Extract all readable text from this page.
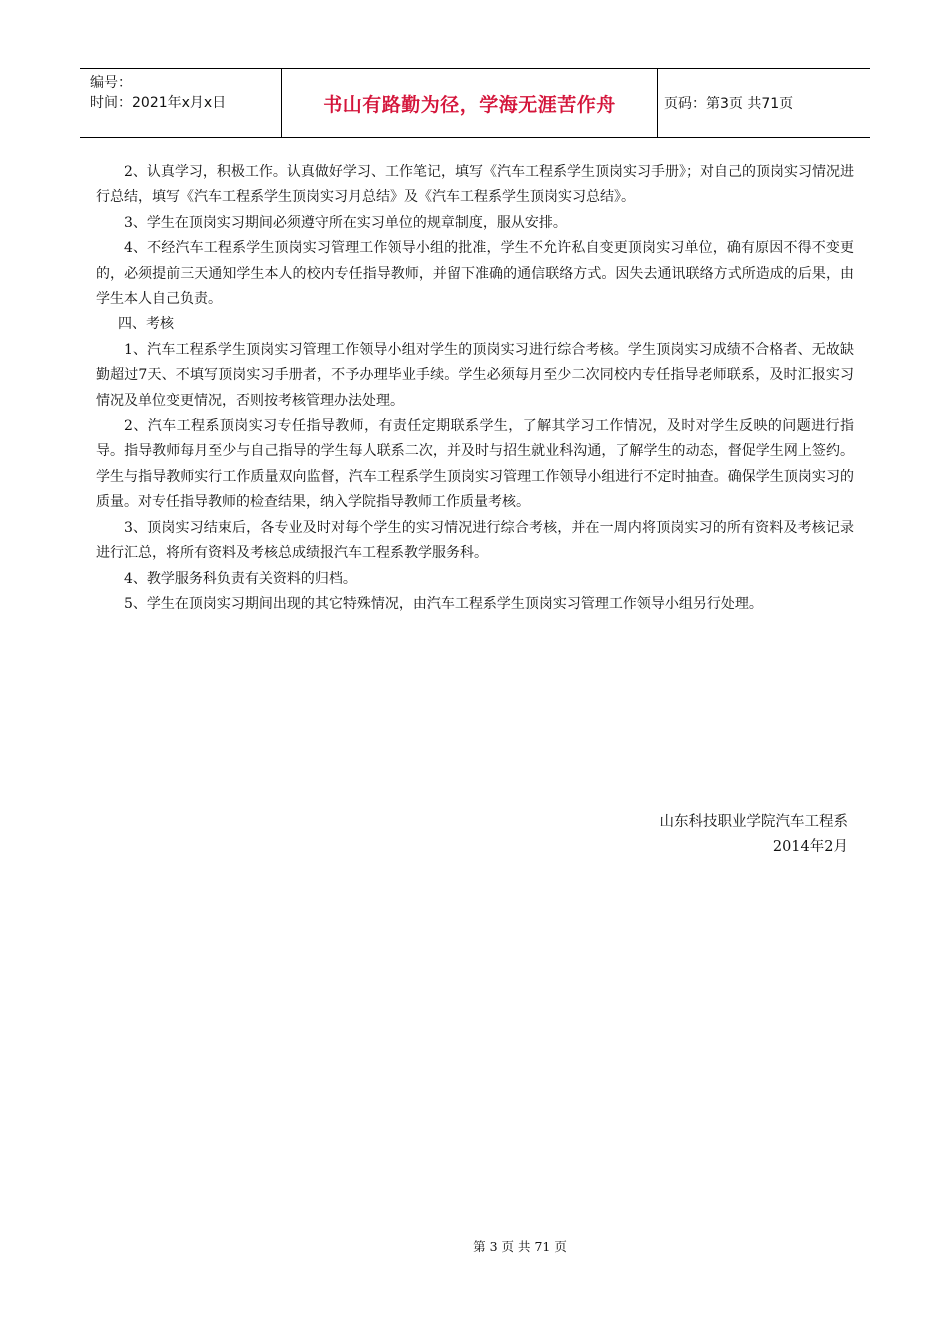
编号：
时间：2021年x月x日	书山有路勤为径，学海无涯苦作舟	页码：第3页 共71页

2、认真学习，积极工作。认真做好学习、工作笔记，填写《汽车工程系学生顶岗实习手册》；对自己的顶岗实习情况进行总结，填写《汽车工程系学生顶岗实习月总结》及《汽车工程系学生顶岗实习总结》。

3、学生在顶岗实习期间必须遵守所在实习单位的规章制度，服从安排。

4、不经汽车工程系学生顶岗实习管理工作领导小组的批准，学生不允许私自变更顶岗实习单位，确有原因不得不变更的，必须提前三天通知学生本人的校内专任指导教师，并留下准确的通信联络方式。因失去通讯联络方式所造成的后果，由学生本人自己负责。

四、考核

1、汽车工程系学生顶岗实习管理工作领导小组对学生的顶岗实习进行综合考核。学生顶岗实习成绩不合格者、无故缺勤超过7天、不填写顶岗实习手册者，不予办理毕业手续。学生必须每月至少二次同校内专任指导老师联系，及时汇报实习情况及单位变更情况，否则按考核管理办法处理。

2、汽车工程系顶岗实习专任指导教师，有责任定期联系学生，了解其学习工作情况，及时对学生反映的问题进行指导。指导教师每月至少与自己指导的学生每人联系二次，并及时与招生就业科沟通，了解学生的动态，督促学生网上签约。学生与指导教师实行工作质量双向监督，汽车工程系学生顶岗实习管理工作领导小组进行不定时抽查。确保学生顶岗实习的质量。对专任指导教师的检查结果，纳入学院指导教师工作质量考核。

3、顶岗实习结束后，各专业及时对每个学生的实习情况进行综合考核，并在一周内将顶岗实习的所有资料及考核记录进行汇总，将所有资料及考核总成绩报汽车工程系教学服务科。

4、教学服务科负责有关资料的归档。

5、学生在顶岗实习期间出现的其它特殊情况，由汽车工程系学生顶岗实习管理工作领导小组另行处理。

山东科技职业学院汽车工程系
2014年2月
第 3 页 共 71 页
